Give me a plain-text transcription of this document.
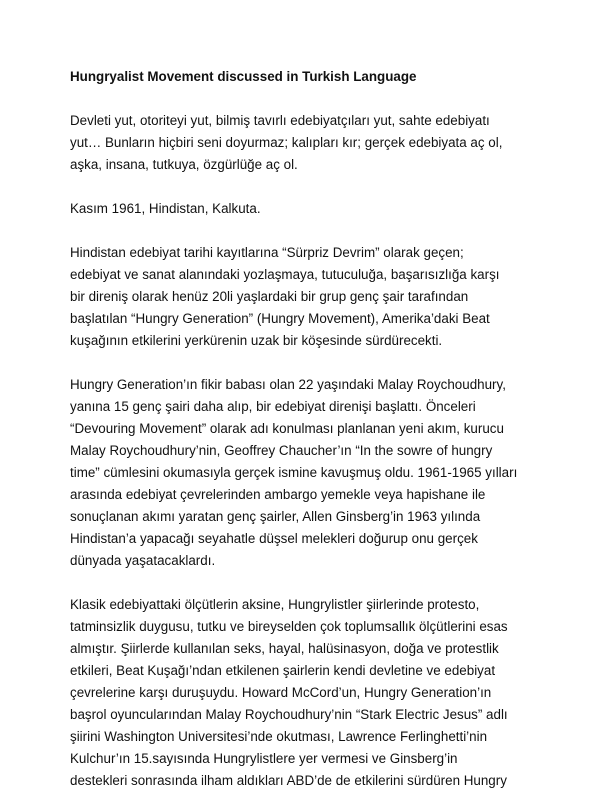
Hungryalist Movement discussed in Turkish Language
Devleti yut, otoriteyi yut, bilmiş tavırlı edebiyatçıları yut, sahte edebiyatı
yut… Bunların hiçbiri seni doyurmaz; kalıpları kır; gerçek edebiyata aç ol,
aşka, insana, tutkuya, özgürlüğe aç ol.
Kasım 1961, Hindistan, Kalkuta.
Hindistan edebiyat tarihi kayıtlarına “Sürpriz Devrim” olarak geçen;
edebiyat ve sanat alanındaki yozlaşmaya, tutuculuğa, başarısızlığa karşı
bir direniş olarak henüz 20li yaşlardaki bir grup genç şair tarafından
başlatılan “Hungry Generation” (Hungry Movement), Amerika’daki Beat
kuşağının etkilerini yerkürenin uzak bir köşesinde sürdürecekti.
Hungry Generation’ın fikir babası olan 22 yaşındaki Malay Roychoudhury,
yanına 15 genç şairi daha alıp, bir edebiyat direnişi başlattı. Önceleri
“Devouring Movement” olarak adı konulması planlanan yeni akım, kurucu
Malay Roychoudhury’nin, Geoffrey Chaucher’ın “In the sowre of hungry
time” cümlesini okumasıyla gerçek ismine kavuşmuş oldu. 1961-1965 yılları
arasında edebiyat çevrelerinden ambargo yemekle veya hapishane ile
sonuçlanan akımı yaratan genç şairler, Allen Ginsberg’in 1963 yılında
Hindistan’a yapacağı seyahatle düşsel melekleri doğurup onu gerçek
dünyada yaşatacaklardı.
Klasik edebiyattaki ölçütlerin aksine, Hungrylistler şiirlerinde protesto,
tatminsizlik duygusu, tutku ve bireyselden çok toplumsallık ölçütlerini esas
almıştır. Şiirlerde kullanılan seks, hayal, halüsinasyon, doğa ve protestlik
etkileri, Beat Kuşağı’ndan etkilenen şairlerin kendi devletine ve edebiyat
çevrelerine karşı duruşuydu. Howard McCord’un, Hungry Generation’ın
başrol oyuncularından Malay Roychoudhury’nin “Stark Electric Jesus” adlı
şiirini Washington Universitesi’nde okutması, Lawrence Ferlinghetti’nin
Kulchur’ın 15.sayısında Hungrylistlere yer vermesi ve Ginsberg’in
destekleri sonrasında ilham aldıkları ABD’de de etkilerini sürdüren Hungry
